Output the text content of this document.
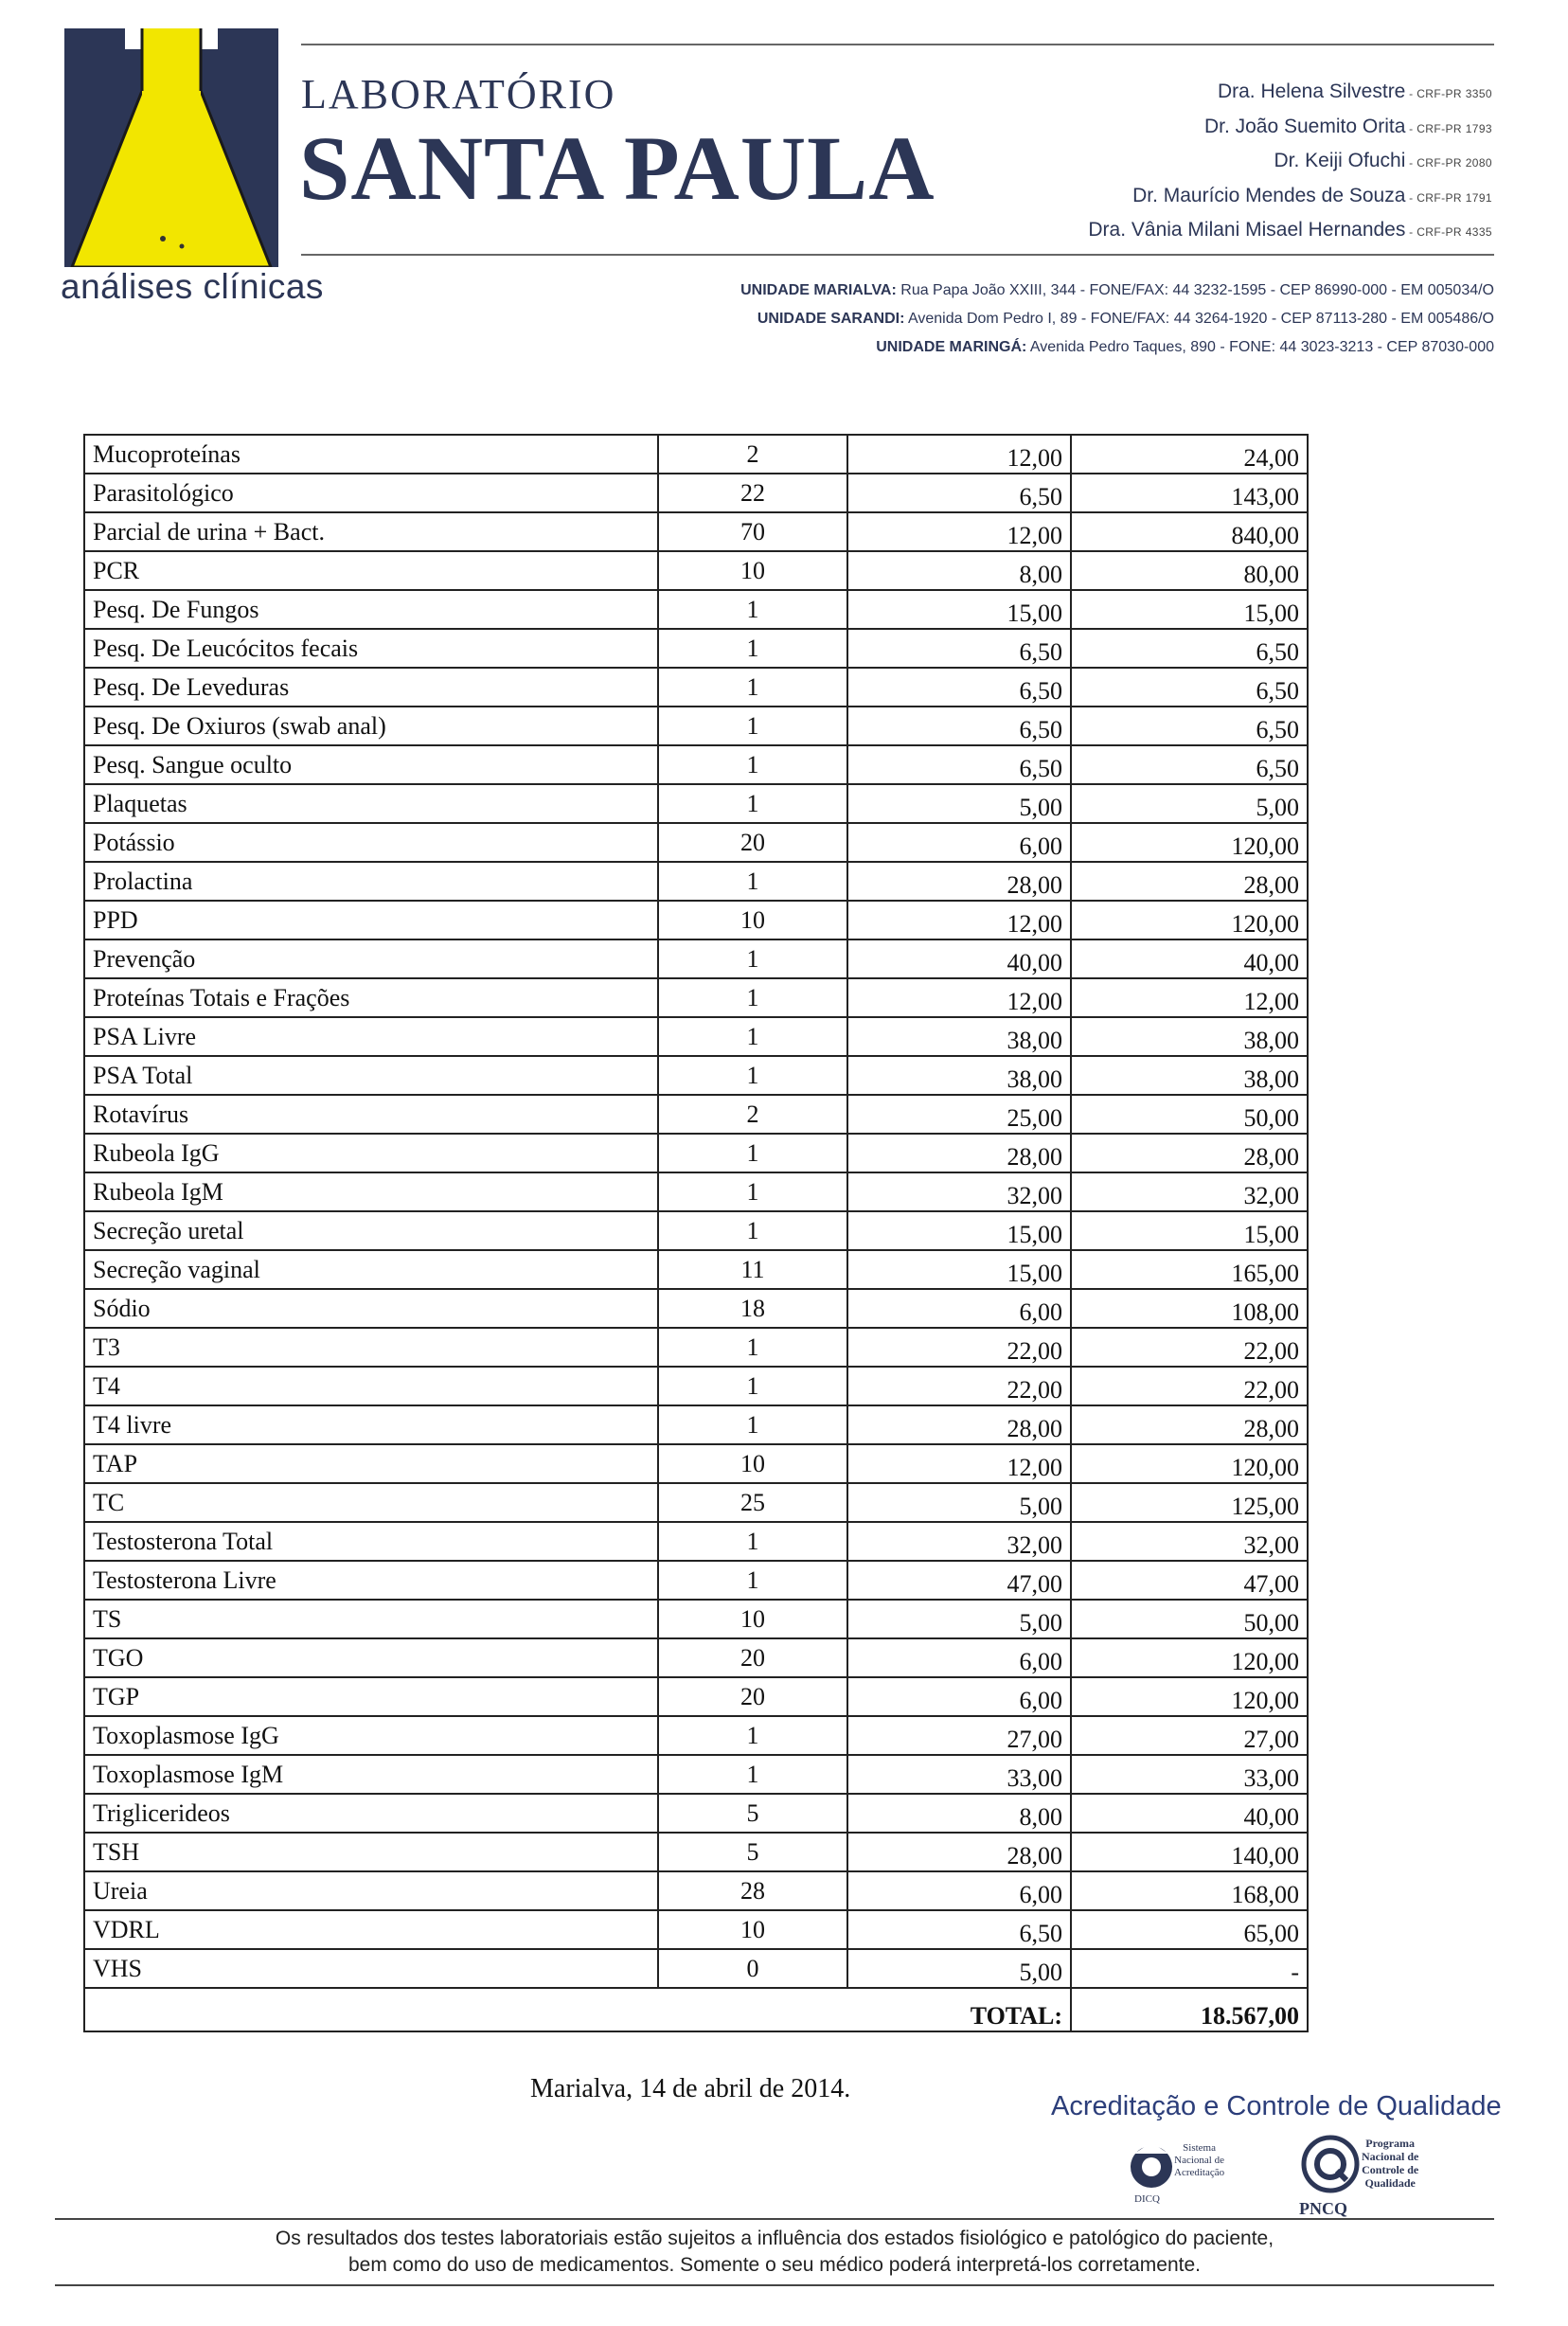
análises clínicas
LABORATÓRIO
SANTA PAULA
Dra. Helena Silvestre - CRF-PR 3350
Dr. João Suemito Orita - CRF-PR 1793
Dr. Keiji Ofuchi - CRF-PR 2080
Dr. Maurício Mendes de Souza - CRF-PR 1791
Dra. Vânia Milani Misael Hernandes - CRF-PR 4335
UNIDADE MARIALVA: Rua Papa João XXIII, 344 - FONE/FAX: 44 3232-1595 - CEP 86990-000 - EM 005034/O
UNIDADE SARANDI: Avenida Dom Pedro I, 89 - FONE/FAX: 44 3264-1920 - CEP 87113-280 - EM 005486/O
UNIDADE MARINGÁ: Avenida Pedro Taques, 890 - FONE: 44 3023-3213 - CEP 87030-000
Mucoproteínas	2	12,00	24,00
Parasitológico	22	6,50	143,00
Parcial de urina + Bact.	70	12,00	840,00
PCR	10	8,00	80,00
Pesq. De Fungos	1	15,00	15,00
Pesq. De Leucócitos fecais	1	6,50	6,50
Pesq. De Leveduras	1	6,50	6,50
Pesq. De Oxiuros (swab anal)	1	6,50	6,50
Pesq. Sangue oculto	1	6,50	6,50
Plaquetas	1	5,00	5,00
Potássio	20	6,00	120,00
Prolactina	1	28,00	28,00
PPD	10	12,00	120,00
Prevenção	1	40,00	40,00
Proteínas Totais e Frações	1	12,00	12,00
PSA Livre	1	38,00	38,00
PSA Total	1	38,00	38,00
Rotavírus	2	25,00	50,00
Rubeola IgG	1	28,00	28,00
Rubeola IgM	1	32,00	32,00
Secreção uretal	1	15,00	15,00
Secreção vaginal	11	15,00	165,00
Sódio	18	6,00	108,00
T3	1	22,00	22,00
T4	1	22,00	22,00
T4 livre	1	28,00	28,00
TAP	10	12,00	120,00
TC	25	5,00	125,00
Testosterona Total	1	32,00	32,00
Testosterona Livre	1	47,00	47,00
TS	10	5,00	50,00
TGO	20	6,00	120,00
TGP	20	6,00	120,00
Toxoplasmose IgG	1	27,00	27,00
Toxoplasmose IgM	1	33,00	33,00
Triglicerideos	5	8,00	40,00
TSH	5	28,00	140,00
Ureia	28	6,00	168,00
VDRL	10	6,50	65,00
VHS	0	5,00	-
		TOTAL:	18.567,00
Marialva, 14 de abril de 2014.
Acreditação e Controle de Qualidade
Sistema
Nacional de
Acreditação
DICQ
Programa
Nacional de
Controle de
Qualidade
PNCQ
Os resultados dos testes laboratoriais estão sujeitos a influência dos estados fisiológico e patológico do paciente,
bem como do uso de medicamentos. Somente o seu médico poderá interpretá-los corretamente.
